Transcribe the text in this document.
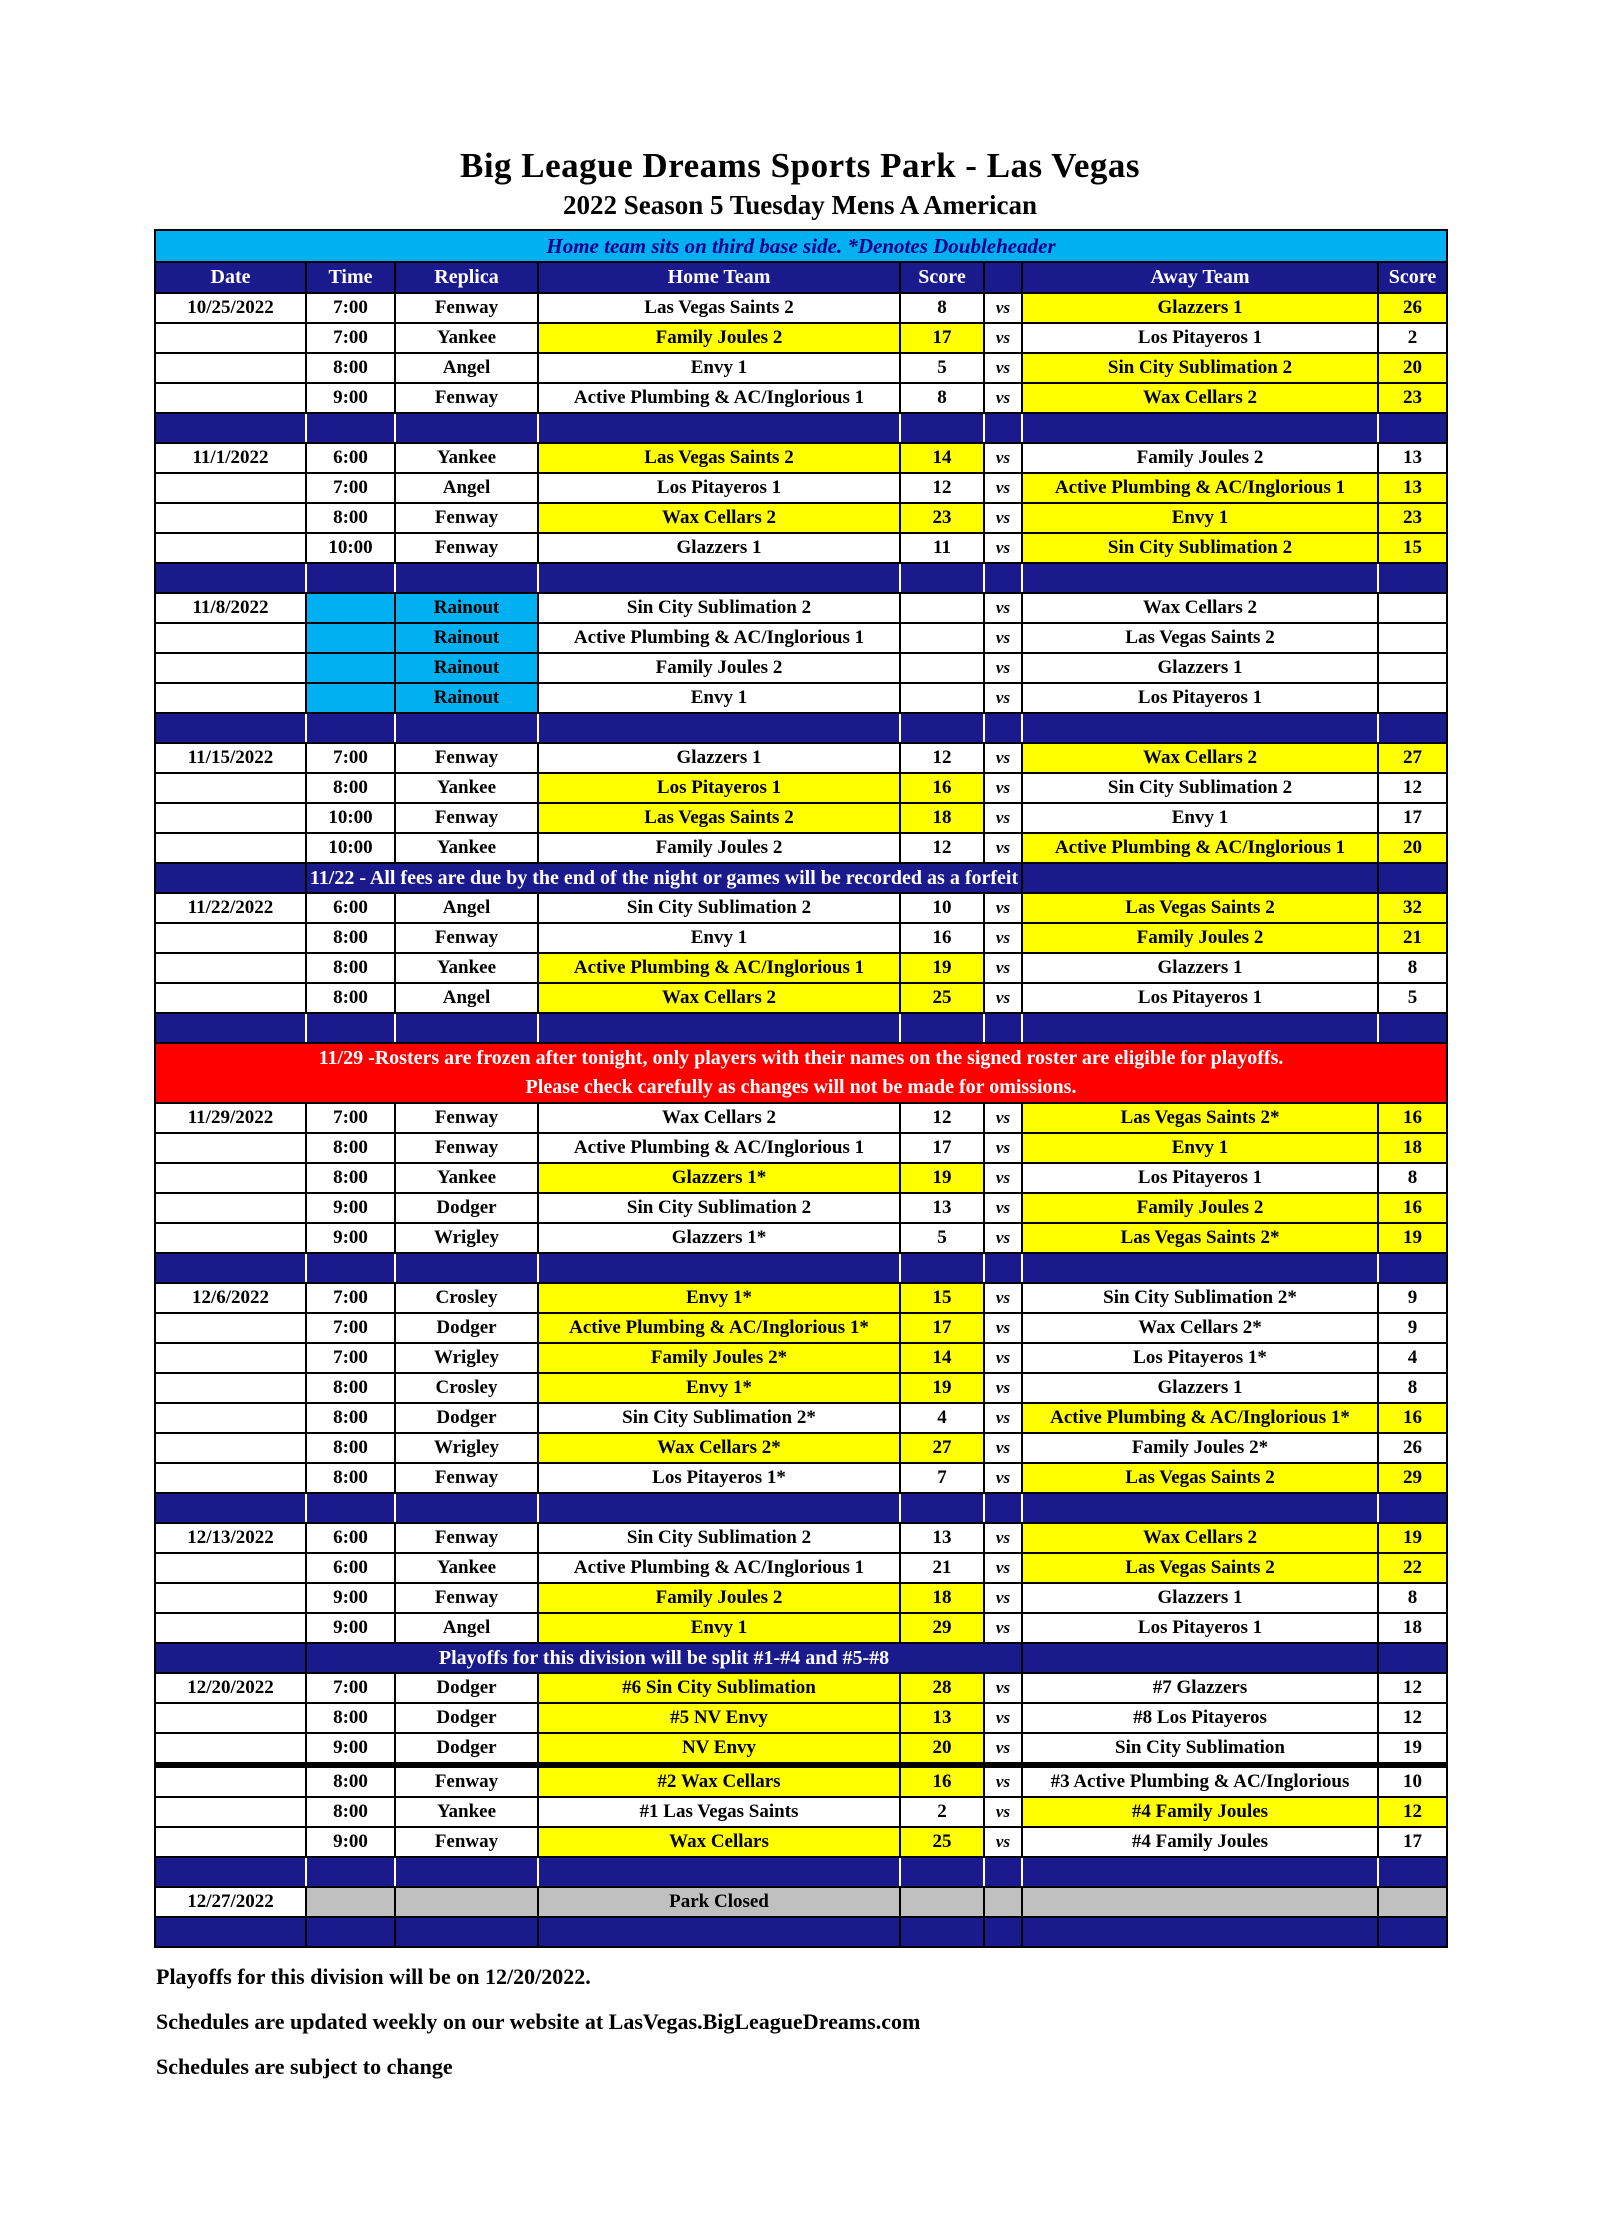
Big League Dreams Sports Park - Las Vegas
2022 Season 5 Tuesday Mens A American
Home team sits on third base side. *Denotes Doubleheader							
Date	Time	Replica	Home Team	Score		Away Team	Score
10/25/2022	7:00	Fenway	Las Vegas Saints 2	8	vs	Glazzers 1	26
	7:00	Yankee	Family Joules 2	17	vs	Los Pitayeros 1	2
	8:00	Angel	Envy 1	5	vs	Sin City Sublimation 2	20
	9:00	Fenway	Active Plumbing & AC/Inglorious 1	8	vs	Wax Cellars 2	23

11/1/2022	6:00	Yankee	Las Vegas Saints 2	14	vs	Family Joules 2	13
	7:00	Angel	Los Pitayeros 1	12	vs	Active Plumbing & AC/Inglorious 1	13
	8:00	Fenway	Wax Cellars 2	23	vs	Envy 1	23
	10:00	Fenway	Glazzers 1	11	vs	Sin City Sublimation 2	15

11/8/2022		Rainout	Sin City Sublimation 2		vs	Wax Cellars 2	
		Rainout	Active Plumbing & AC/Inglorious 1		vs	Las Vegas Saints 2	
		Rainout	Family Joules 2		vs	Glazzers 1	
		Rainout	Envy 1		vs	Los Pitayeros 1	

11/15/2022	7:00	Fenway	Glazzers 1	12	vs	Wax Cellars 2	27
	8:00	Yankee	Los Pitayeros 1	16	vs	Sin City Sublimation 2	12
	10:00	Fenway	Las Vegas Saints 2	18	vs	Envy 1	17
	10:00	Yankee	Family Joules 2	12	vs	Active Plumbing & AC/Inglorious 1	20
	11/22 - All fees are due by the end of the night or games will be recorded as a forfeit						
11/22/2022	6:00	Angel	Sin City Sublimation 2	10	vs	Las Vegas Saints 2	32
	8:00	Fenway	Envy 1	16	vs	Family Joules 2	21
	8:00	Yankee	Active Plumbing & AC/Inglorious 1	19	vs	Glazzers 1	8
	8:00	Angel	Wax Cellars 2	25	vs	Los Pitayeros 1	5

11/29 -Rosters are frozen after tonight, only players with their names on the signed roster are eligible for playoffs.
Please check carefully as changes will not be made for omissions.							

11/29/2022	7:00	Fenway	Wax Cellars 2	12	vs	Las Vegas Saints 2*	16
	8:00	Fenway	Active Plumbing & AC/Inglorious 1	17	vs	Envy 1	18
	8:00	Yankee	Glazzers 1*	19	vs	Los Pitayeros 1	8
	9:00	Dodger	Sin City Sublimation 2	13	vs	Family Joules 2	16
	9:00	Wrigley	Glazzers 1*	5	vs	Las Vegas Saints 2*	19

12/6/2022	7:00	Crosley	Envy 1*	15	vs	Sin City Sublimation 2*	9
	7:00	Dodger	Active Plumbing & AC/Inglorious 1*	17	vs	Wax Cellars 2*	9
	7:00	Wrigley	Family Joules 2*	14	vs	Los Pitayeros 1*	4
	8:00	Crosley	Envy 1*	19	vs	Glazzers 1	8
	8:00	Dodger	Sin City Sublimation 2*	4	vs	Active Plumbing & AC/Inglorious 1*	16
	8:00	Wrigley	Wax Cellars 2*	27	vs	Family Joules 2*	26
	8:00	Fenway	Los Pitayeros 1*	7	vs	Las Vegas Saints 2	29

12/13/2022	6:00	Fenway	Sin City Sublimation 2	13	vs	Wax Cellars 2	19
	6:00	Yankee	Active Plumbing & AC/Inglorious 1	21	vs	Las Vegas Saints 2	22
	9:00	Fenway	Family Joules 2	18	vs	Glazzers 1	8
	9:00	Angel	Envy 1	29	vs	Los Pitayeros 1	18
	Playoffs for this division will be split #1-#4 and #5-#8						
12/20/2022	7:00	Dodger	#6 Sin City Sublimation	28	vs	#7 Glazzers	12
	8:00	Dodger	#5 NV Envy	13	vs	#8 Los Pitayeros	12
	9:00	Dodger	NV Envy	20	vs	Sin City Sublimation	19
	8:00	Fenway	#2 Wax Cellars	16	vs	#3 Active Plumbing & AC/Inglorious	10
	8:00	Yankee	#1 Las Vegas Saints	2	vs	#4 Family Joules	12
	9:00	Fenway	Wax Cellars	25	vs	#4 Family Joules	17

12/27/2022			Park Closed				

Playoffs for this division will be on 12/20/2022.
Schedules are updated weekly on our website at LasVegas.BigLeagueDreams.com
Schedules are subject to change
